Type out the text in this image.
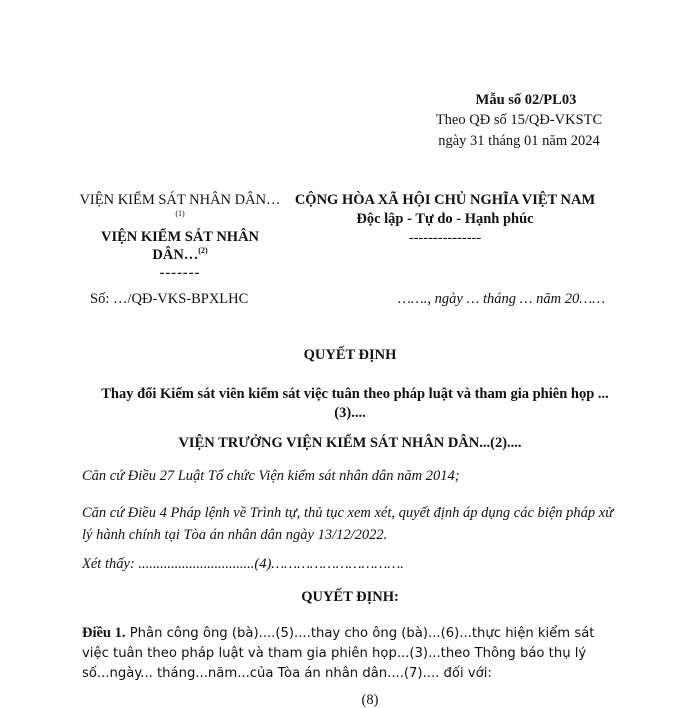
Mẫu số 02/PL03
Theo QĐ số 15/QĐ-VKSTC
ngày 31 tháng 01 năm 2024
VIỆN KIỂM SÁT NHÂN DÂN…$^{(1)}$
VIỆN KIỂM SÁT NHÂN DÂN…$^{(2)}$
-------
CỘNG HÒA XÃ HỘI CHỦ NGHĨA VIỆT NAM
Độc lập - Tự do - Hạnh phúc
---------------
Số: …/QĐ-VKS-BPXLHC	……., ngày … tháng … năm 20……
QUYẾT ĐỊNH
Thay đổi Kiểm sát viên kiểm sát việc tuân theo pháp luật và tham gia phiên họp ...
(3)....
VIỆN TRƯỞNG VIỆN KIỂM SÁT NHÂN DÂN...(2)....
Căn cứ Điều 27 Luật Tổ chức Viện kiểm sát nhân dân năm 2014;
Căn cứ Điều 4 Pháp lệnh về Trình tự, thủ tục xem xét, quyết định áp dụng các biện pháp xử lý hành chính tại Tòa án nhân dân ngày 13/12/2022.
Xét thấy: ................................(4)………………………….
QUYẾT ĐỊNH:
Điều 1. Phân công ông (bà)....(5)....thay cho ông (bà)...(6)...thực hiện kiểm sát việc tuân theo pháp luật và tham gia phiên họp...(3)...theo Thông báo thụ lý số...ngày... tháng...năm...của Tòa án nhân dân....(7).... đối với:
(8)
